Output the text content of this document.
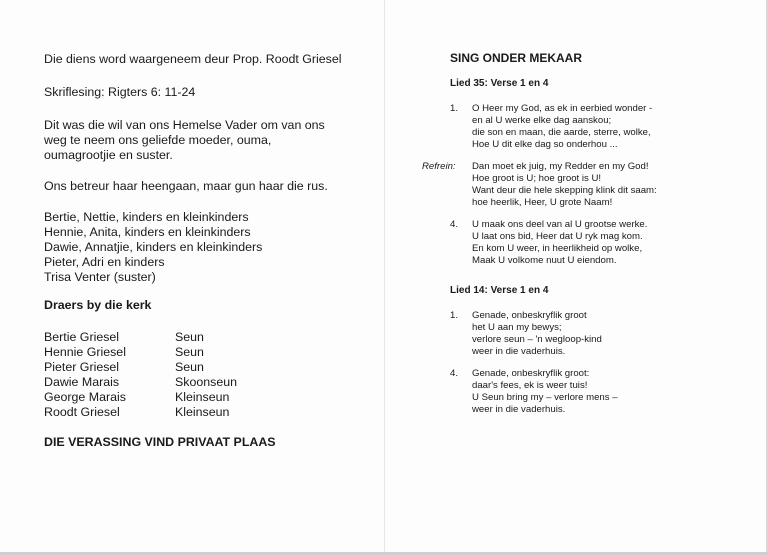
Die diens word waargeneem deur Prop. Roodt Griesel

Skriflesing: Rigters 6: 11-24

Dit was die wil van ons Hemelse Vader om van ons
weg te neem ons geliefde moeder, ouma,
oumagrootjie en suster.

Ons betreur haar heengaan, maar gun haar die rus.

Bertie, Nettie, kinders en kleinkinders
Hennie, Anita, kinders en kleinkinders
Dawie, Annatjie, kinders en kleinkinders
Pieter, Adri en kinders
Trisa Venter (suster)
Draers by die kerk
Bertie Griesel	Seun
Hennie Griesel	Seun
Pieter Griesel	Seun
Dawie Marais	Skoonseun
George Marais	Kleinseun
Roodt Griesel	Kleinseun

DIE VERASSING VIND PRIVAAT PLAAS

SING ONDER MEKAAR
Lied 35: Verse 1 en 4
1.	O Heer my God, as ek in eerbied wonder -
en al U werke elke dag aanskou;
die son en maan, die aarde, sterre, wolke,
Hoe U dit elke dag so onderhou ...
Refrein:	Dan moet ek juig, my Redder en my God!
Hoe groot is U; hoe groot is U!
Want deur die hele skepping klink dit saam:
hoe heerlik, Heer, U grote Naam!
4.	U maak ons deel van al U grootse werke.
U laat ons bid, Heer dat U ryk mag kom.
En kom U weer, in heerlikheid op wolke,
Maak U volkome nuut U eiendom.
Lied 14: Verse 1 en 4
1.	Genade, onbeskryflik groot
het U aan my bewys;
verlore seun – 'n wegloop-kind
weer in die vaderhuis.
4.	Genade, onbeskryflik groot:
daar's fees, ek is weer tuis!
U Seun bring my – verlore mens –
weer in die vaderhuis.
